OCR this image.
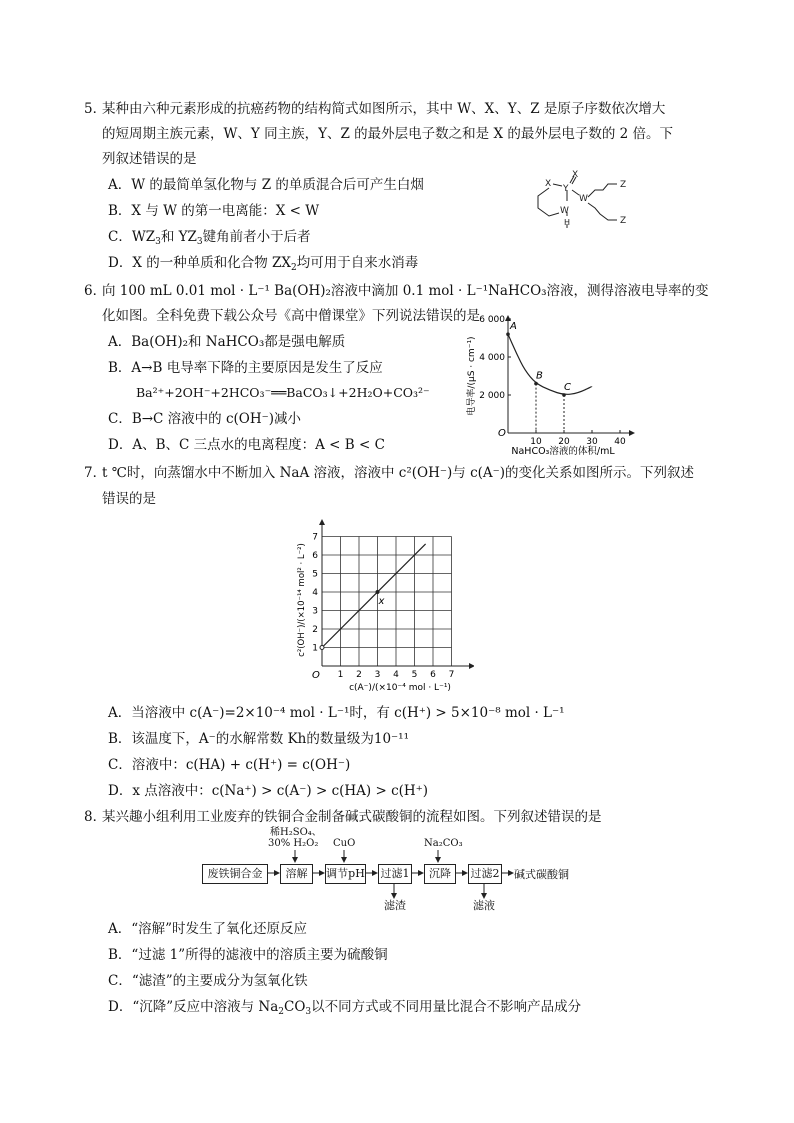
5．
某种由六种元素形成的抗癌药物的结构简式如图所示，其中 W、X、Y、Z 是原子序数依次增大
的短周期主族元素，W、Y 同主族，Y、Z 的最外层电子数之和是 X 的最外层电子数的 2 倍。下
列叙述错误的是
A．W 的最简单氢化物与 Z 的单质混合后可产生白烟
B．X 与 W 的第一电离能：X < W
C．$WZ_3$和 $YZ_3$键角前者小于后者
D．X 的一种单质和化合物 $ZX_2$均可用于自来水消毒
X
X
Y
W
W
H
Z
Z
6．
向 100 mL 0.01 mol · L⁻¹ Ba(OH)₂溶液中滴加 0.1 mol · L⁻¹NaHCO₃溶液，测得溶液电导率的变
化如图。全科免费下载公众号《高中僧课堂》下列说法错误的是
A．Ba(OH)₂和 NaHCO₃都是强电解质
B．A→B 电导率下降的主要原因是发生了反应
Ba²⁺+2OH⁻+2HCO₃⁻══BaCO₃↓+2H₂O+CO₃²⁻
C．B→C 溶液中的 c(OH⁻)减小
D．A、B、C 三点水的电离程度：A < B < C	10 20 30 40
2 000
4 000
6 000
A
B
C
电导率/(μS · cm⁻¹)
NaHCO₃溶液的体积/mL
O
7．
t ℃时，向蒸馏水中不断加入 NaA 溶液，溶液中 c²(OH⁻)与 c(A⁻)的变化关系如图所示。下列叙述
错误的是
1 2 3 4 5 6 7
1
2
3
4
5
6
7
x
c²(OH⁻)/(×10⁻¹⁴ mol² · L⁻²)
c(A⁻)/(×10⁻⁴ mol · L⁻¹)
O
A．当溶液中 c(A⁻)=2×10⁻⁴ mol · L⁻¹时，有 c(H⁺) > 5×10⁻⁸ mol · L⁻¹
B．该温度下，A⁻的水解常数 Kh的数量级为10⁻¹¹
C．溶液中：c(HA) + c(H⁺) = c(OH⁻)
D．x 点溶液中：c(Na⁺) > c(A⁻) > c(HA) > c(H⁺)
8．
某兴趣小组利用工业废弃的铁铜合金制备碱式碳酸铜的流程如图。下列叙述错误的是
废铁铜合金	溶解	调节pH 过滤1	沉降	过滤2 碱式碳酸铜
稀H₂SO₄、
30% H₂O₂ CuO	Na₂CO₃
滤渣	滤液
A．“溶解”时发生了氧化还原反应
B．“过滤 1”所得的滤液中的溶质主要为硫酸铜
C．“滤渣”的主要成分为氢氧化铁
D．“沉降”反应中溶液与 $Na_2CO_3$以不同方式或不同用量比混合不影响产品成分
